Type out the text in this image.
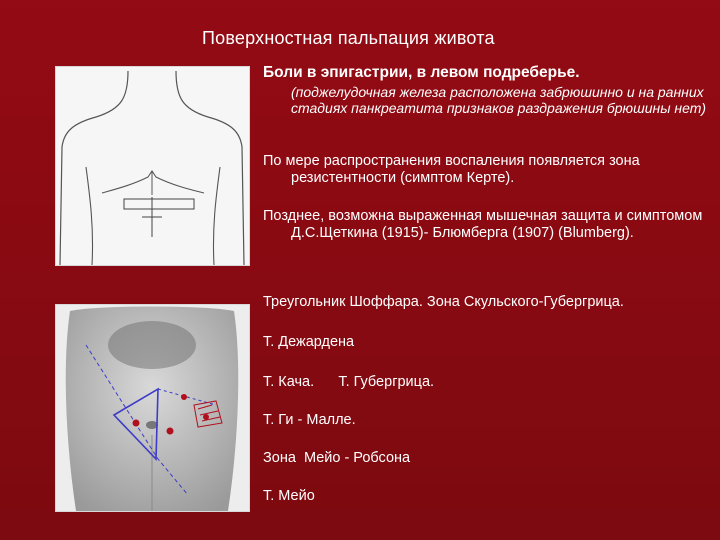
Поверхностная пальпация живота
Боли в эпигастрии, в левом подреберье.
(поджелудочная железа расположена забрюшинно и на ранних стадиях панкреатита признаков раздражения брюшины нет)
По мере распространения воспаления появляется зона резистентности (симптом Керте).
Позднее, возможна выраженная мышечная защита и симптомом Д.С.Щеткина (1915)- Блюмберга (1907) (Blumberg).
Треугольник Шоффара. Зона Скульского-Губергрица.
Т. Дежардена
Т. Кача.      Т. Губергрица.
Т. Ги - Малле.
Зона  Мейо - Робсона
Т. Мейо
